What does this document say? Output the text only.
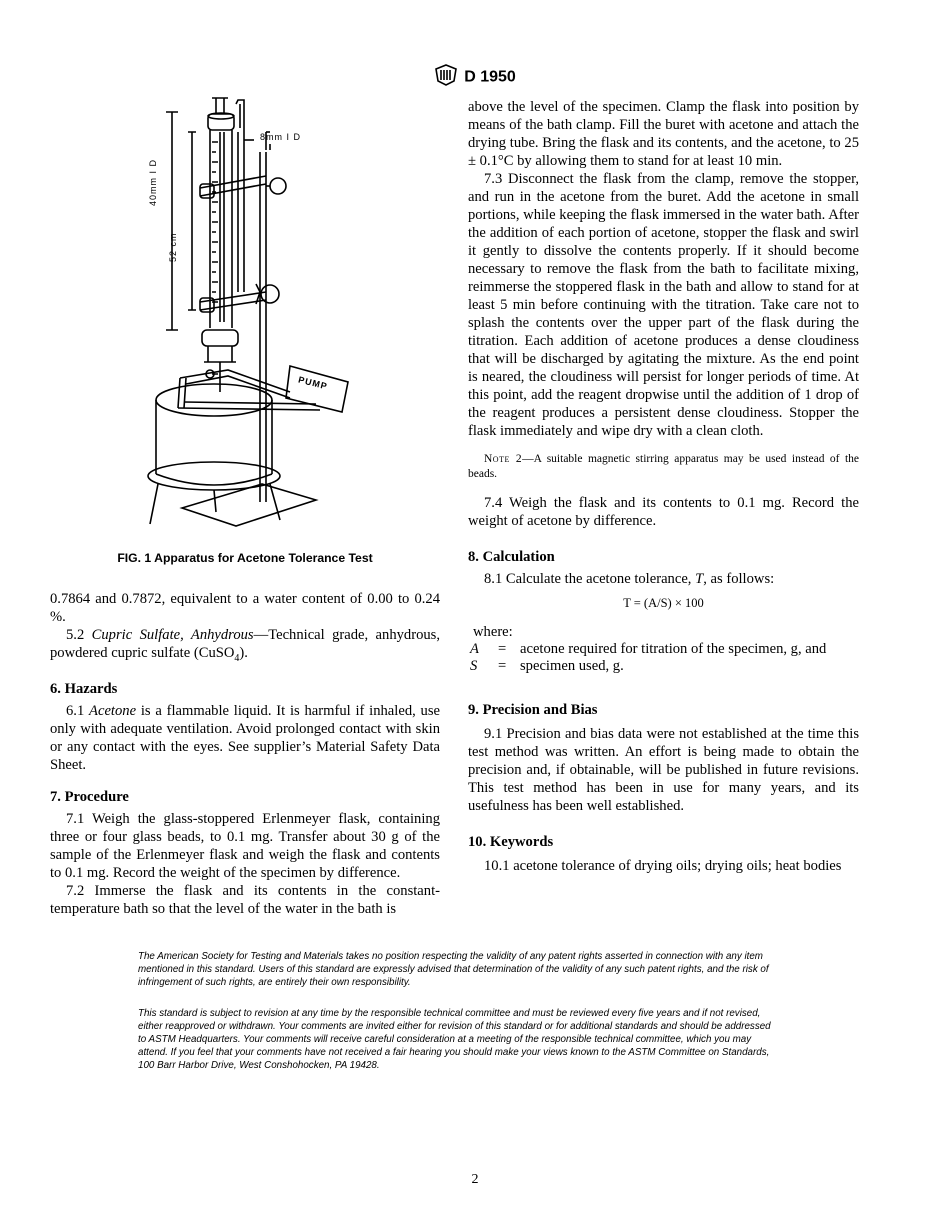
D 1950
8mm I D
40mm I D
52 cm
PUMP
FIG. 1 Apparatus for Acetone Tolerance Test

0.7864 and 0.7872, equivalent to a water content of 0.00 to 0.24 %.

5.2 Cupric Sulfate, Anhydrous—Technical grade, anhydrous, powdered cupric sulfate (CuSO$_4$).

6. Hazards

6.1 Acetone is a flammable liquid. It is harmful if inhaled, use only with adequate ventilation. Avoid prolonged contact with skin or any contact with the eyes. See supplier’s Material Safety Data Sheet.

7. Procedure

7.1 Weigh the glass-stoppered Erlenmeyer flask, containing three or four glass beads, to 0.1 mg. Transfer about 30 g of the sample of the Erlenmeyer flask and weigh the flask and contents to 0.1 mg. Record the weight of the specimen by difference.

7.2 Immerse the flask and its contents in the constant-temperature bath so that the level of the water in the bath is

above the level of the specimen. Clamp the flask into position by means of the bath clamp. Fill the buret with acetone and attach the drying tube. Bring the flask and its contents, and the acetone, to 25 ± 0.1°C by allowing them to stand for at least 10 min.

7.3 Disconnect the flask from the clamp, remove the stopper, and run in the acetone from the buret. Add the acetone in small portions, while keeping the flask immersed in the water bath. After the addition of each portion of acetone, stopper the flask and swirl it gently to dissolve the contents properly. If it should become necessary to remove the flask from the bath to facilitate mixing, reimmerse the stoppered flask in the bath and allow to stand for at least 5 min before continuing with the titration. Take care not to splash the contents over the upper part of the flask during the titration. Each addition of acetone produces a dense cloudiness that will be discharged by agitating the mixture. As the end point is neared, the cloudiness will persist for longer periods of time. At this point, add the reagent dropwise until the addition of 1 drop of the reagent produces a persistent dense cloudiness. Stopper the flask immediately and wipe dry with a clean cloth.

Note 2—A suitable magnetic stirring apparatus may be used instead of the beads.

7.4 Weigh the flask and its contents to 0.1 mg. Record the weight of acetone by difference.

8. Calculation

8.1 Calculate the acetone tolerance, T, as follows:

T = (A/S) × 100
where:
A	=	acetone required for titration of the specimen, g, and
S	=	specimen used, g.
9. Precision and Bias

9.1 Precision and bias data were not established at the time this test method was written. An effort is being made to obtain the precision and, if obtainable, will be published in future revisions. This test method has been in use for many years, and its usefulness has been well established.

10. Keywords

10.1 acetone tolerance of drying oils; drying oils; heat bodies

The American Society for Testing and Materials takes no position respecting the validity of any patent rights asserted in connection with any item mentioned in this standard. Users of this standard are expressly advised that determination of the validity of any such patent rights, and the risk of infringement of such rights, are entirely their own responsibility.
This standard is subject to revision at any time by the responsible technical committee and must be reviewed every five years and if not revised, either reapproved or withdrawn. Your comments are invited either for revision of this standard or for additional standards and should be addressed to ASTM Headquarters. Your comments will receive careful consideration at a meeting of the responsible technical committee, which you may attend. If you feel that your comments have not received a fair hearing you should make your views known to the ASTM Committee on Standards, 100 Barr Harbor Drive, West Conshohocken, PA 19428.
2
